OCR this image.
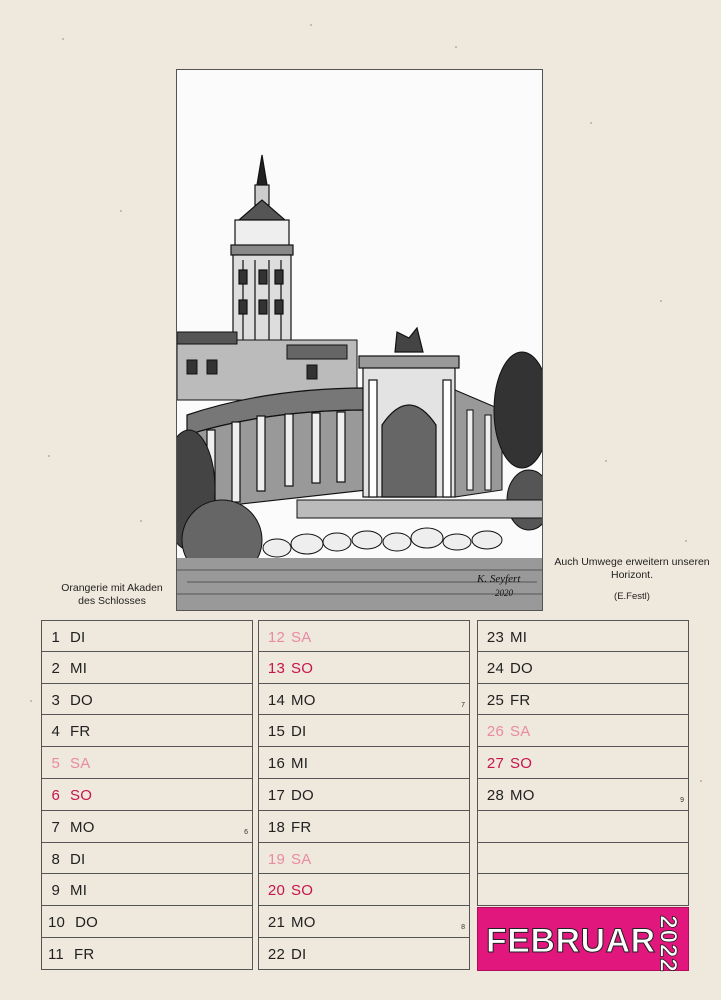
K. Seyfert
2020
Orangerie mit Akaden des Schlosses
Auch Umwege erweitern unseren Horizont.
(E.Festl)
1 DI
2 MI
3 DO
4 FR
5 SA
6 SO
7 MO	6
8 DI
9 MI
10 DO
11 FR
12 SA
13 SO
14 MO	7
15 DI
16 MI
17 DO
18 FR
19 SA
20 SO
21 MO	8
22 DI
23 MI
24 DO
25 FR
26 SA
27 SO
28 MO	9
FEBRUAR
2022
